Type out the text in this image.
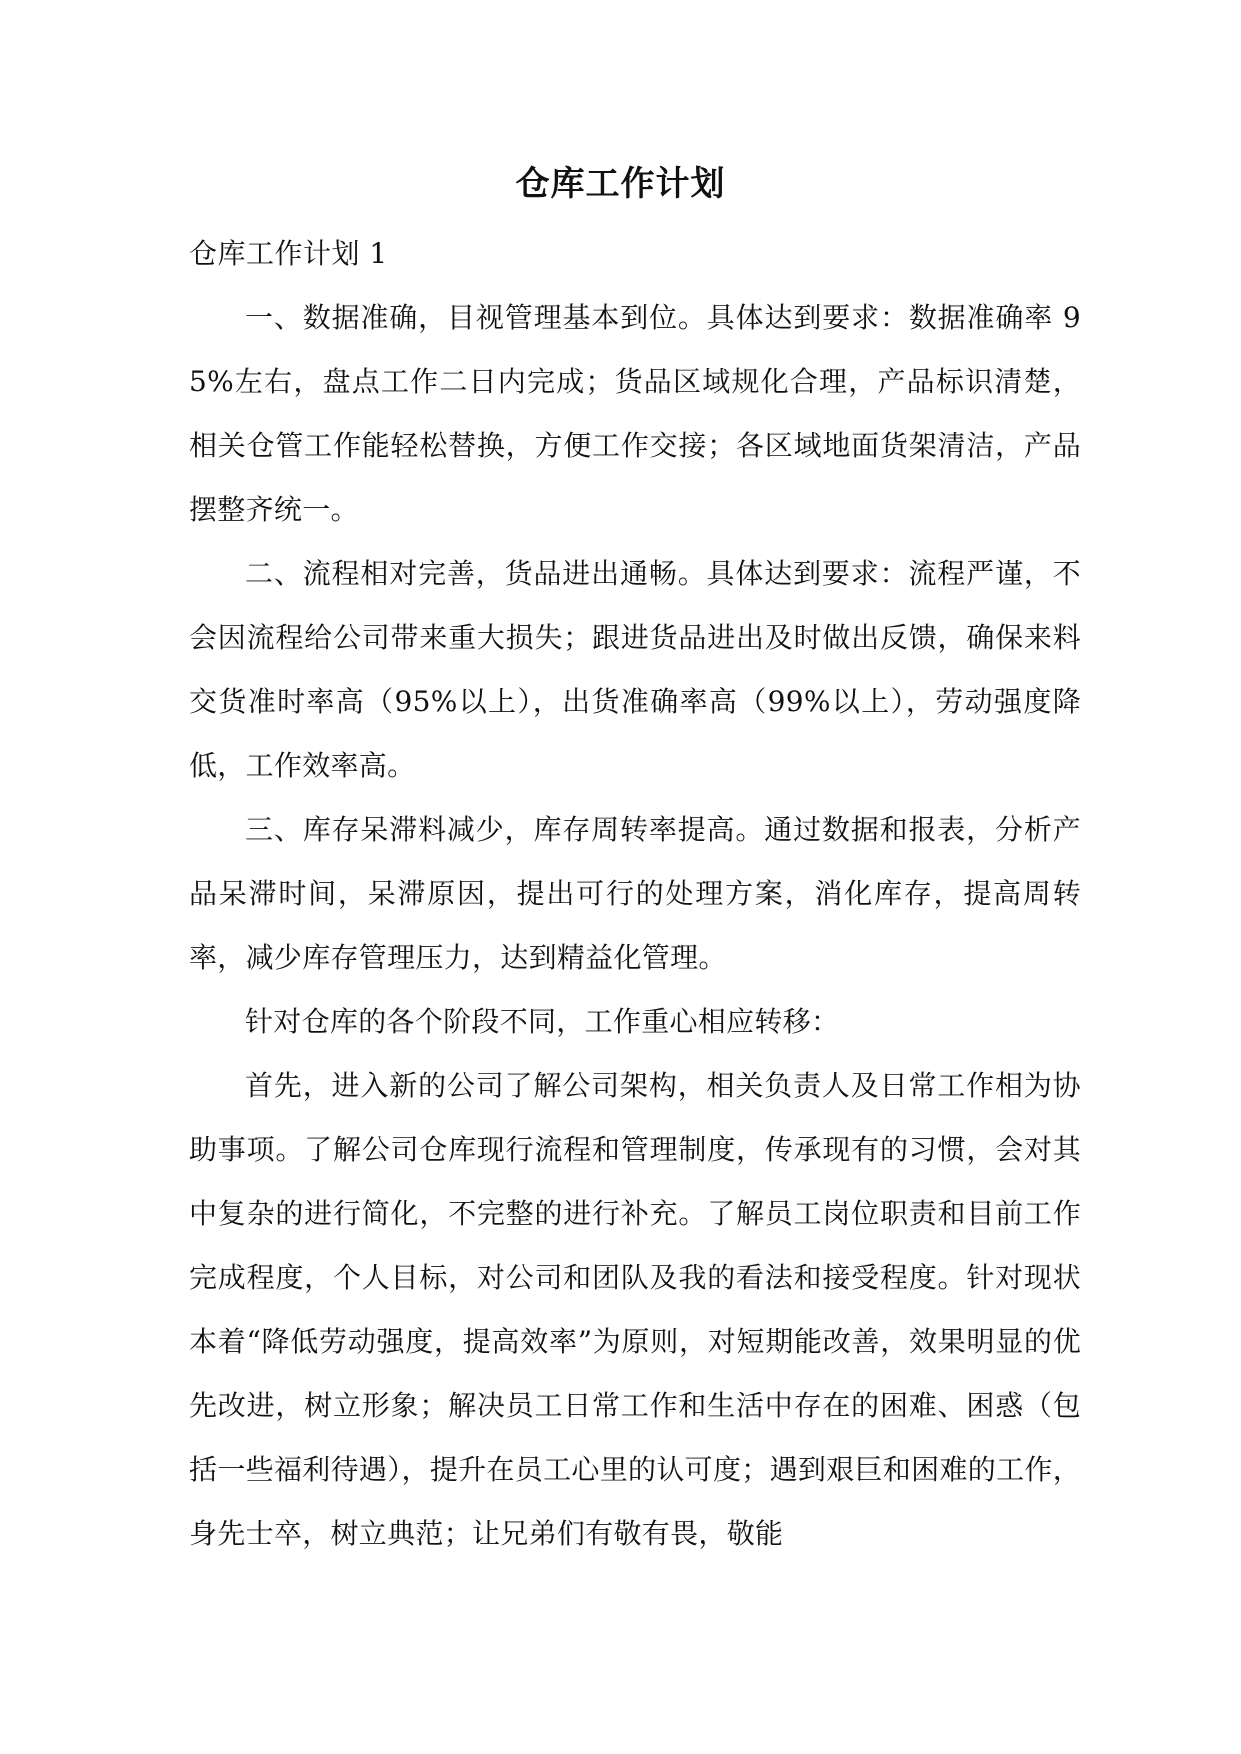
仓库工作计划
仓库工作计划 1

一、数据准确，目视管理基本到位。具体达到要求：数据准确率 95%左右，盘点工作二日内完成；货品区域规化合理，产品标识清楚，相关仓管工作能轻松替换，方便工作交接；各区域地面货架清洁，产品摆整齐统一。

二、流程相对完善，货品进出通畅。具体达到要求：流程严谨，不会因流程给公司带来重大损失；跟进货品进出及时做出反馈，确保来料交货准时率高（95%以上），出货准确率高（99%以上），劳动强度降低，工作效率高。

三、库存呆滞料减少，库存周转率提高。通过数据和报表，分析产品呆滞时间，呆滞原因，提出可行的处理方案，消化库存，提高周转率，减少库存管理压力，达到精益化管理。

针对仓库的各个阶段不同，工作重心相应转移：

首先，进入新的公司了解公司架构，相关负责人及日常工作相为协助事项。了解公司仓库现行流程和管理制度，传承现有的习惯，会对其中复杂的进行简化，不完整的进行补充。了解员工岗位职责和目前工作完成程度，个人目标，对公司和团队及我的看法和接受程度。针对现状本着“降低劳动强度，提高效率”为原则，对短期能改善，效果明显的优先改进，树立形象；解决员工日常工作和生活中存在的困难、困惑（包括一些福利待遇），提升在员工心里的认可度；遇到艰巨和困难的工作，身先士卒，树立典范；让兄弟们有敬有畏，敬能
